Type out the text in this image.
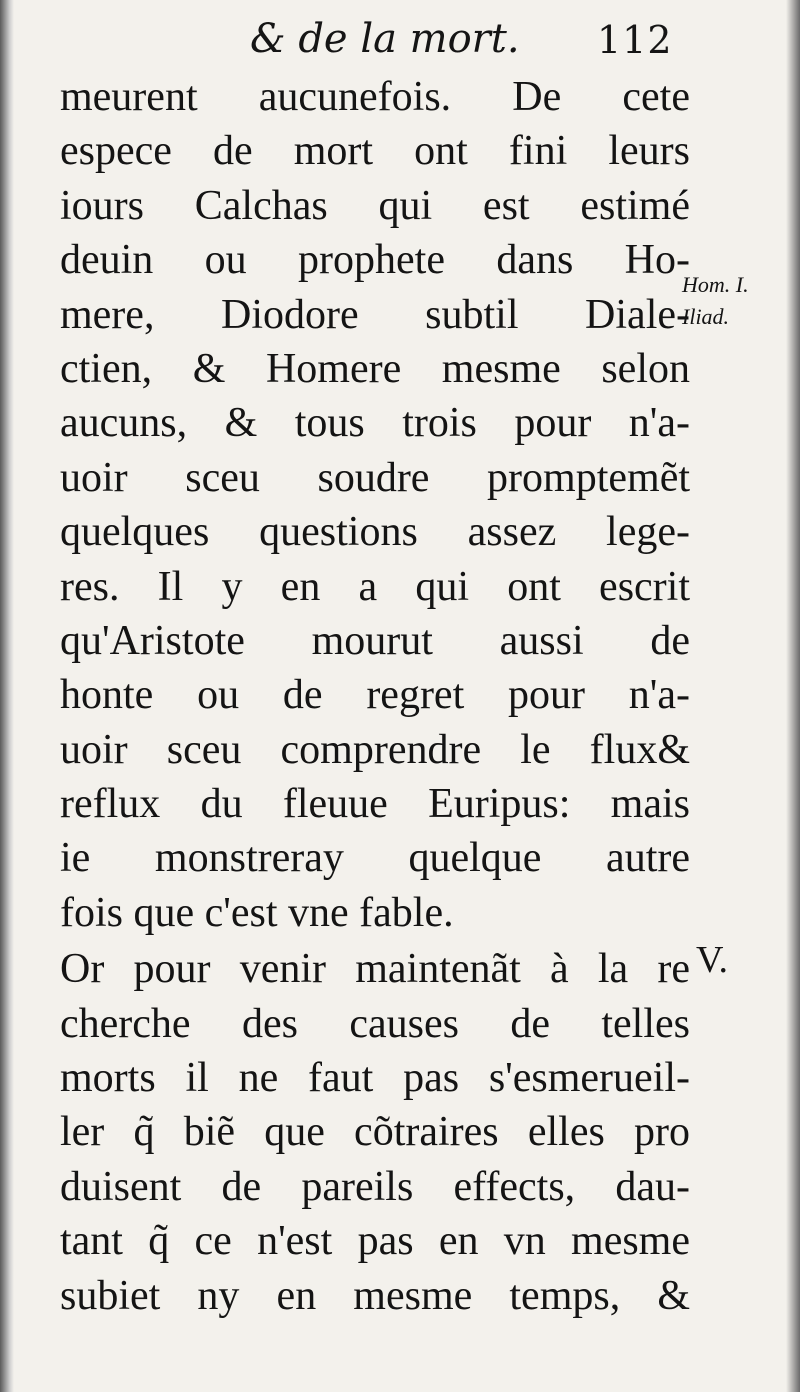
& de la mort. 112
Hom. I.
Iliad.
V.
meurent aucunefois. De cete
espece de mort ont fini leurs
iours Calchas qui est estimé
deuin ou prophete dans Ho-
mere, Diodore subtil Diale-
ctien, & Homere mesme selon
aucuns, & tous trois pour n'a-
uoir sceu soudre promptemẽt
quelques questions assez lege-
res. Il y en a qui ont escrit
qu'Aristote mourut aussi de
honte ou de regret pour n'a-
uoir sceu comprendre le flux&
reflux du fleuue Euripus: mais
ie monstreray quelque autre
fois que c'est vne fable.
Or pour venir maintenãt à la re
cherche des causes de telles
morts il ne faut pas s'esmerueil-
ler q̃ biẽ que cõtraires elles pro
duisent de pareils effects, dau-
tant q̃ ce n'est pas en vn mesme
subiet ny en mesme temps, &
